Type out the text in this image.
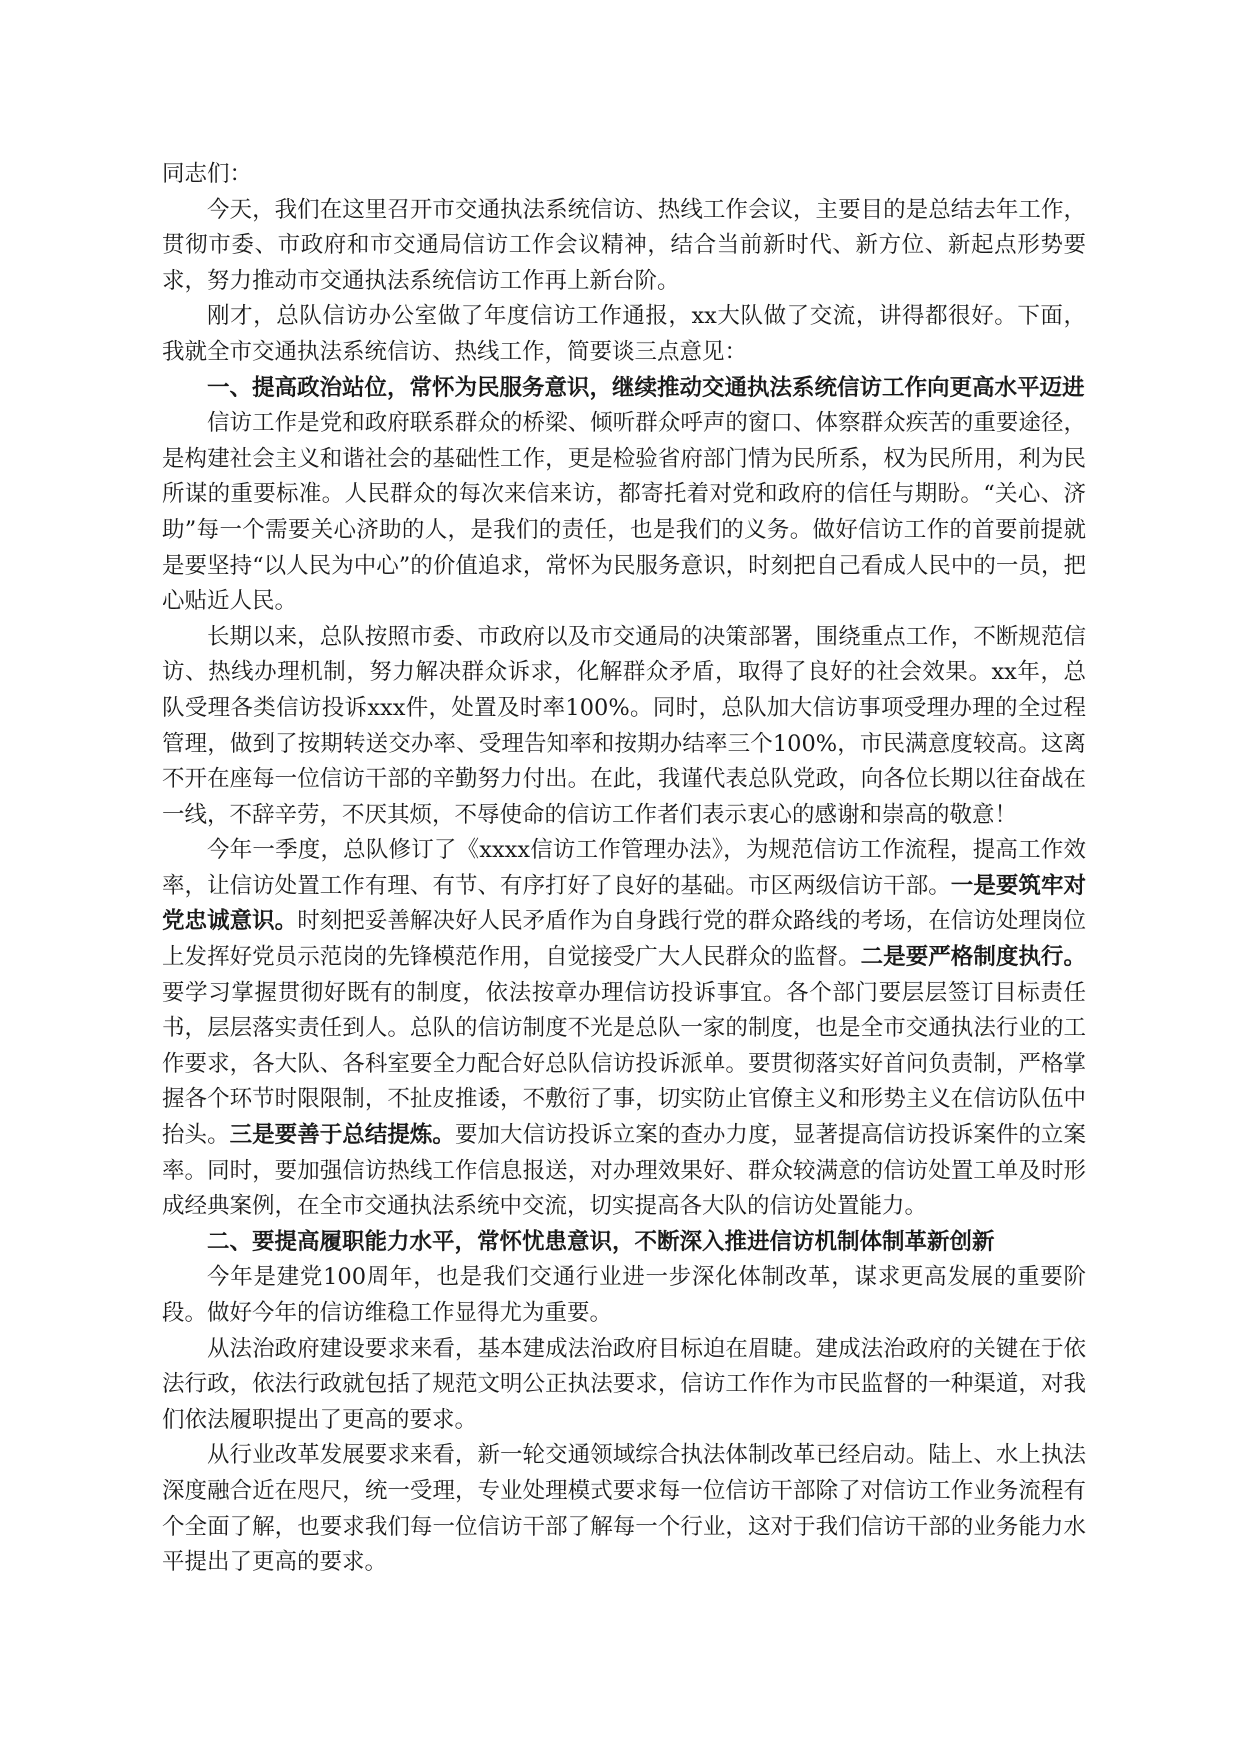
同志们：

今天，我们在这里召开市交通执法系统信访、热线工作会议，主要目的是总结去年工作，贯彻市委、市政府和市交通局信访工作会议精神，结合当前新时代、新方位、新起点形势要求，努力推动市交通执法系统信访工作再上新台阶。

刚才，总队信访办公室做了年度信访工作通报，xx大队做了交流，讲得都很好。下面，我就全市交通执法系统信访、热线工作，简要谈三点意见：

一、提高政治站位，常怀为民服务意识，继续推动交通执法系统信访工作向更高水平迈进

信访工作是党和政府联系群众的桥梁、倾听群众呼声的窗口、体察群众疾苦的重要途径，是构建社会主义和谐社会的基础性工作，更是检验省府部门情为民所系，权为民所用，利为民所谋的重要标准。人民群众的每次来信来访，都寄托着对党和政府的信任与期盼。“关心、济助”每一个需要关心济助的人，是我们的责任，也是我们的义务。做好信访工作的首要前提就是要坚持“以人民为中心”的价值追求，常怀为民服务意识，时刻把自己看成人民中的一员，把心贴近人民。

长期以来，总队按照市委、市政府以及市交通局的决策部署，围绕重点工作，不断规范信访、热线办理机制，努力解决群众诉求，化解群众矛盾，取得了良好的社会效果。xx年，总队受理各类信访投诉xxx件，处置及时率100%。同时，总队加大信访事项受理办理的全过程管理，做到了按期转送交办率、受理告知率和按期办结率三个100%，市民满意度较高。这离不开在座每一位信访干部的辛勤努力付出。在此，我谨代表总队党政，向各位长期以往奋战在一线，不辞辛劳，不厌其烦，不辱使命的信访工作者们表示衷心的感谢和崇高的敬意！

今年一季度，总队修订了《xxxx信访工作管理办法》，为规范信访工作流程，提高工作效率，让信访处置工作有理、有节、有序打好了良好的基础。市区两级信访干部。一是要筑牢对党忠诚意识。时刻把妥善解决好人民矛盾作为自身践行党的群众路线的考场，在信访处理岗位上发挥好党员示范岗的先锋模范作用，自觉接受广大人民群众的监督。二是要严格制度执行。要学习掌握贯彻好既有的制度，依法按章办理信访投诉事宜。各个部门要层层签订目标责任书，层层落实责任到人。总队的信访制度不光是总队一家的制度，也是全市交通执法行业的工作要求，各大队、各科室要全力配合好总队信访投诉派单。要贯彻落实好首问负责制，严格掌握各个环节时限限制，不扯皮推诿，不敷衍了事，切实防止官僚主义和形势主义在信访队伍中抬头。三是要善于总结提炼。要加大信访投诉立案的查办力度，显著提高信访投诉案件的立案率。同时，要加强信访热线工作信息报送，对办理效果好、群众较满意的信访处置工单及时形成经典案例，在全市交通执法系统中交流，切实提高各大队的信访处置能力。

二、要提高履职能力水平，常怀忧患意识，不断深入推进信访机制体制革新创新

今年是建党100周年，也是我们交通行业进一步深化体制改革，谋求更高发展的重要阶段。做好今年的信访维稳工作显得尤为重要。

从法治政府建设要求来看，基本建成法治政府目标迫在眉睫。建成法治政府的关键在于依法行政，依法行政就包括了规范文明公正执法要求，信访工作作为市民监督的一种渠道，对我们依法履职提出了更高的要求。

从行业改革发展要求来看，新一轮交通领域综合执法体制改革已经启动。陆上、水上执法深度融合近在咫尺，统一受理，专业处理模式要求每一位信访干部除了对信访工作业务流程有个全面了解，也要求我们每一位信访干部了解每一个行业，这对于我们信访干部的业务能力水平提出了更高的要求。
